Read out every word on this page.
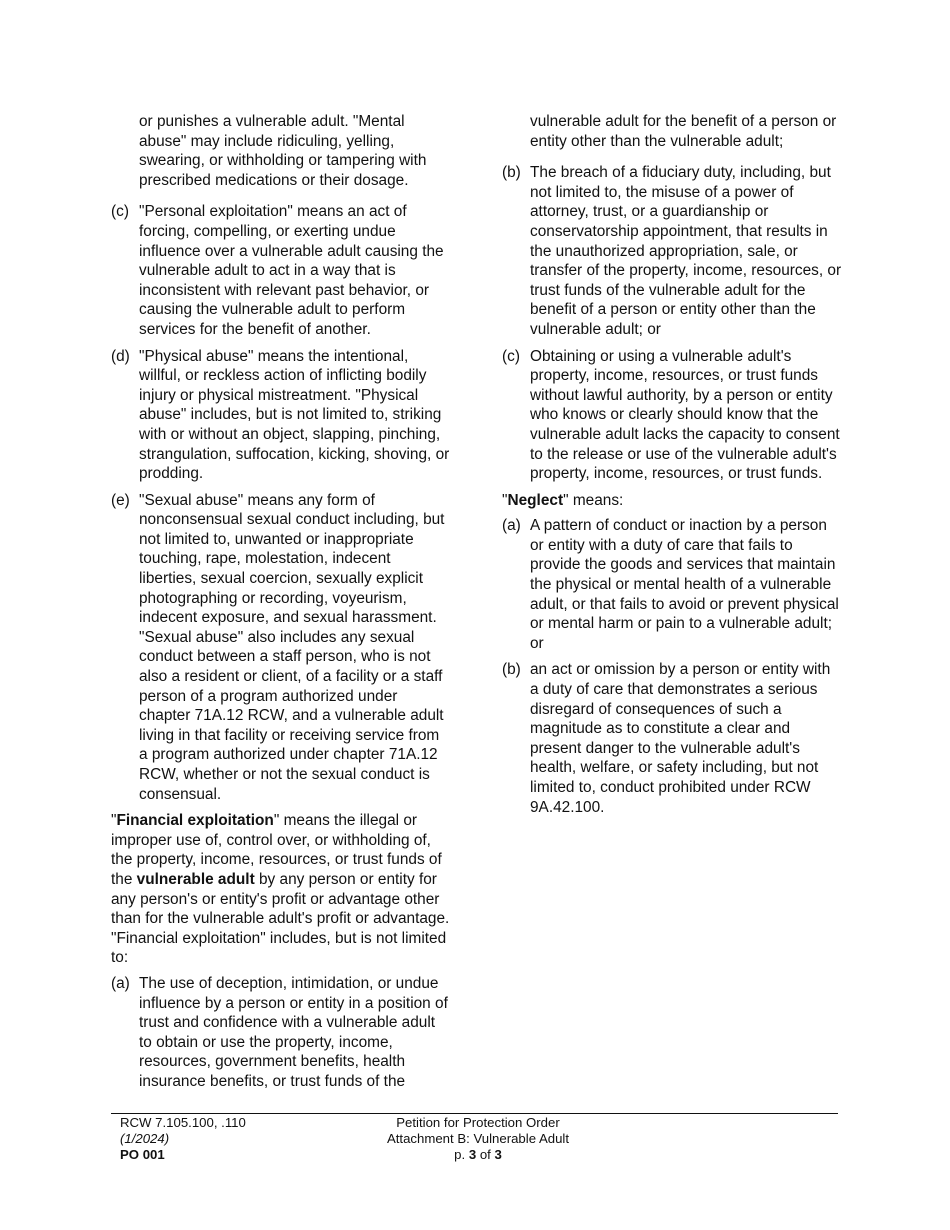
or punishes a vulnerable adult. "Mental abuse" may include ridiculing, yelling, swearing, or withholding or tampering with prescribed medications or their dosage.
(c) "Personal exploitation" means an act of forcing, compelling, or exerting undue influence over a vulnerable adult causing the vulnerable adult to act in a way that is inconsistent with relevant past behavior, or causing the vulnerable adult to perform services for the benefit of another.
(d) "Physical abuse" means the intentional, willful, or reckless action of inflicting bodily injury or physical mistreatment. "Physical abuse" includes, but is not limited to, striking with or without an object, slapping, pinching, strangulation, suffocation, kicking, shoving, or prodding.
(e) "Sexual abuse" means any form of nonconsensual sexual conduct including, but not limited to, unwanted or inappropriate touching, rape, molestation, indecent liberties, sexual coercion, sexually explicit photographing or recording, voyeurism, indecent exposure, and sexual harassment. "Sexual abuse" also includes any sexual conduct between a staff person, who is not also a resident or client, of a facility or a staff person of a program authorized under chapter 71A.12 RCW, and a vulnerable adult living in that facility or receiving service from a program authorized under chapter 71A.12 RCW, whether or not the sexual conduct is consensual.
"Financial exploitation" means the illegal or improper use of, control over, or withholding of, the property, income, resources, or trust funds of the vulnerable adult by any person or entity for any person's or entity's profit or advantage other than for the vulnerable adult's profit or advantage. "Financial exploitation" includes, but is not limited to:
(a) The use of deception, intimidation, or undue influence by a person or entity in a position of trust and confidence with a vulnerable adult to obtain or use the property, income, resources, government benefits, health insurance benefits, or trust funds of the
vulnerable adult for the benefit of a person or entity other than the vulnerable adult;
(b) The breach of a fiduciary duty, including, but not limited to, the misuse of a power of attorney, trust, or a guardianship or conservatorship appointment, that results in the unauthorized appropriation, sale, or transfer of the property, income, resources, or trust funds of the vulnerable adult for the benefit of a person or entity other than the vulnerable adult; or
(c) Obtaining or using a vulnerable adult's property, income, resources, or trust funds without lawful authority, by a person or entity who knows or clearly should know that the vulnerable adult lacks the capacity to consent to the release or use of the vulnerable adult's property, income, resources, or trust funds.
"Neglect" means:
(a) A pattern of conduct or inaction by a person or entity with a duty of care that fails to provide the goods and services that maintain the physical or mental health of a vulnerable adult, or that fails to avoid or prevent physical or mental harm or pain to a vulnerable adult; or
(b) an act or omission by a person or entity with a duty of care that demonstrates a serious disregard of consequences of such a magnitude as to constitute a clear and present danger to the vulnerable adult's health, welfare, or safety including, but not limited to, conduct prohibited under RCW 9A.42.100.
RCW 7.105.100, .110
(1/2024)
PO 001
Petition for Protection Order
Attachment B: Vulnerable Adult
p. 3 of 3
